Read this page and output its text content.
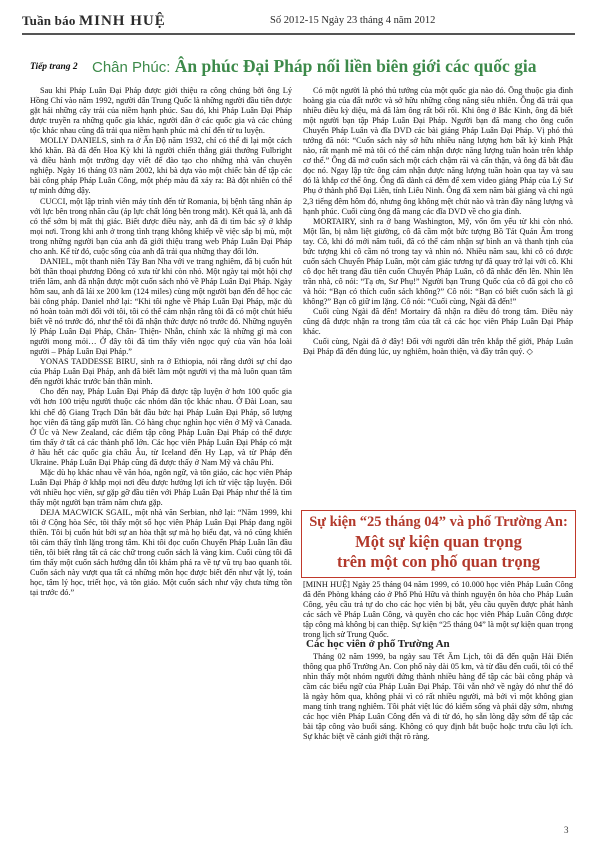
Tuần báo MINH HUỆ	Số 2012-15 Ngày 23 tháng 4 năm 2012
Tiếp trang 2 Chân Phúc: Ân phúc Đại Pháp nối liền biên giới các quốc gia

Sau khi Pháp Luân Đại Pháp được giới thiệu ra công chúng bởi ông Lý Hồng Chí vào năm 1992, người dân Trung Quốc là những người đầu tiên được gặt hái những cây trái của niềm hạnh phúc. Sau đó, khi Pháp Luân Đại Pháp được truyền ra những quốc gia khác, người dân ở các quốc gia và các chủng tộc khác nhau cũng đã trải qua niềm hạnh phúc mà chỉ đến từ tu luyện.

MOLLY DANIELS, sinh ra ở Ấn Độ năm 1932, chỉ có thể đi lại một cách khó khăn. Bà đã đến Hoa Kỳ khi là người chiến thắng giải thưởng Fulbright và điều hành một trường dạy viết để đào tạo cho những nhà văn chuyên nghiệp. Ngày 16 tháng 03 năm 2002, khi bà dựa vào một chiếc bàn để tập các bài công pháp Pháp Luân Công, một phép màu đã xảy ra: Bà đột nhiên có thể tự mình đứng dậy.

CUCCI, một lập trình viên máy tính đến từ Romania, bị bệnh tăng nhãn áp với lực bên trong nhãn cầu (áp lực chất lỏng bên trong mắt). Kết quả là, anh đã có thể sớm bị mất thị giác. Biết được điều này, anh đã đi tìm bác sỹ ở khắp mọi nơi. Trong khi anh ở trong tình trạng không khiếp về việc sắp bị mù, một trong những người bạn của anh đã giới thiệu trang web Pháp Luân Đại Pháp cho anh. Kể từ đó, cuộc sống của anh đã trải qua những thay đổi lớn.

DANIEL, một thanh niên Tây Ban Nha với ve trang nghiêm, đã bị cuốn hút bởi thần thoại phương Đông có xưa từ khi còn nhỏ. Một ngày tại một hội chợ triển lãm, anh đã nhận được một cuốn sách nhỏ về Pháp Luân Đại Pháp. Ngày hôm sau, anh đã lái xe 200 km (124 miles) cùng một người bạn đến để học các bài công pháp. Daniel nhớ lại: “Khi tôi nghe về Pháp Luân Đại Pháp, mặc dù nó hoàn toàn mới đối với tôi, tôi có thể cảm nhận rằng tôi đã có một chút hiểu biết về nó trước đó, như thể tôi đã nhận thức được nó trước đó. Những nguyên lý Pháp Luân Đại Pháp, Chân- Thiện- Nhẫn, chính xác là những gì mà con người mong mỏi… Ở đây tôi đã tìm thấy viên ngọc quý của văn hóa loài người – Pháp Luân Đại Pháp.”

YONAS TADDESSE BIRU, sinh ra ở Ethiopia, nói rằng dưới sự chỉ dạo của Pháp Luân Đại Pháp, anh đã biết làm một người vị tha mà luôn quan tâm đến người khác trước bản thân mình.

Cho đến nay, Pháp Luân Đại Pháp đã được tập luyện ở hơn 100 quốc gia với hơn 100 triệu người thuộc các nhóm dân tộc khác nhau. Ở Đài Loan, sau khi chế độ Giang Trạch Dân bắt đầu bức hại Pháp Luân Đại Pháp, số lượng học viên đã tăng gấp mười lần. Có hàng chục nghìn học viên ở Mỹ và Canada. Ở Úc và New Zealand, các điểm tập công Pháp Luân Đại Pháp có thể được tìm thấy ở tất cả các thành phố lớn. Các học viên Pháp Luân Đại Pháp có mặt ở hầu hết các quốc gia châu Âu, từ Iceland đến Hy Lạp, và từ Pháp đến Ukraine. Pháp Luân Đại Pháp cũng đã được thấy ở Nam Mỹ và châu Phi.

Mặc dù họ khác nhau về văn hóa, ngôn ngữ, và tôn giáo, các học viên Pháp Luân Đại Pháp ở khắp mọi nơi đều được hưởng lợi ích từ việc tập luyện. Đối với nhiều học viên, sự gặp gỡ đầu tiên với Pháp Luân Đại Pháp như thể là tìm thấy một người bạn trăm năm chưa gặp.

DEJA MACWICK SGAIL, một nhà văn Serbian, nhớ lại: “Năm 1999, khi tôi ở Cộng hòa Séc, tôi thấy một số học viên Pháp Luân Đại Pháp đang ngồi thiền. Tôi bị cuốn hút bởi sự an hòa thật sự mà họ biểu đạt, và nó cũng khiến tôi cảm thấy tĩnh lặng trong tâm. Khi tôi đọc cuốn Chuyển Pháp Luân lần đầu tiên, tôi biết rằng tất cả các chữ trong cuốn sách là vàng kim. Cuối cùng tôi đã tìm thấy một cuốn sách hướng dẫn tôi khám phá ra về tự vũ trụ bao quanh tôi. Cuốn sách này vượt qua tất cả những môn học được biết đến như vật lý, toán học, tâm lý học, triết học, và tôn giáo. Một cuốn sách như vậy chưa từng tồn tại trước đó.”

Có một người là phó thủ tướng của một quốc gia nào đó. Ông thuộc gia đình hoàng gia của đất nước và sở hữu những công năng siêu nhiên. Ông đã trải qua nhiều điều kỳ diệu, mà đã làm ông rất bối rối. Khi ông ở Bắc Kinh, ông đã biết một người bạn tập Pháp Luân Đại Pháp. Người bạn đã mang cho ông cuốn Chuyển Pháp Luân và đĩa DVD các bài giảng Pháp Luân Đại Pháp. Vị phó thủ tướng đã nói: “Cuốn sách này sở hữu nhiều năng lượng hơn bất kỳ kinh Phật nào, rất mạnh mẽ mà tôi có thể cảm nhận được năng lượng tuần hoàn trên khắp cơ thể.” Ông đã mở cuốn sách một cách chậm rãi và cẩn thận, và ông đã bắt đầu đọc nó. Ngay lập tức ông cảm nhận được năng lượng tuần hoàn qua tay và sau đó là khắp cơ thể ông. Ông đã dành cả đêm để xem video giảng Pháp của Lý Sư Phụ ở thành phố Đại Liên, tỉnh Liêu Ninh. Ông đã xem năm bài giảng và chỉ ngủ 2,3 tiếng đêm hôm đó, nhưng ông không mệt chút nào và tràn đầy năng lượng và hạnh phúc. Cuối cùng ông đã mang các đĩa DVD về cho gia đình.

MORTAIRY, sinh ra ở bang Washington, Mỹ, vốn ốm yếu từ khi còn nhỏ. Một lần, bị nằm liệt giường, cô đã cầm một bức tượng Bồ Tát Quán Âm trong tay. Cô, khi đó mới năm tuổi, đã có thể cảm nhận sự bình an và thanh tịnh của bức tượng khi cô cầm nó trong tay và nhìn nó. Nhiều năm sau, khi cô có được cuốn sách Chuyển Pháp Luân, một cảm giác tương tự đã quay trở lại với cô. Khi cô đọc hết trang đầu tiên cuốn Chuyển Pháp Luân, cô đã nhắc đến lên. Nhìn lên trần nhà, cô nói: “Tạ ơn, Sư Phụ!” Người bạn Trung Quốc của cô đã gọi cho cô và hỏi: “Bạn có thích cuốn sách không?” Cô nói: “Bạn có biết cuốn sách là gì không?” Bạn cô giữ im lặng. Cô nói: “Cuối cùng, Ngài đã đến!”

Cuối cùng Ngài đã đến! Mortairy đã nhận ra điều đó trong tâm. Điều này cũng đã được nhận ra trong tâm của tất cả các học viên Pháp Luân Đại Pháp khác.

Cuối cùng, Ngài đã ở đây! Đối với người dân trên khắp thế giới, Pháp Luân Đại Pháp đã đến đúng lúc, uy nghiêm, hoàn thiện, và đầy trân quý. ◇

Sự kiện “25 tháng 04” và phố Trường An:
Một sự kiện quan trọng
trên một con phố quan trọng

[MINH HUỆ] Ngày 25 tháng 04 năm 1999, có 10.000 học viên Pháp Luân Công đã đến Phòng kháng cáo ở Phố Phủ Hữu và thỉnh nguyện ôn hòa cho Pháp Luân Công, yêu cầu trả tự do cho các học viên bị bắt, yêu cầu quyền được phát hành các sách về Pháp Luân Công, và quyền cho các học viên Pháp Luân Công được tập công mà không bị can thiệp. Sự kiện “25 tháng 04” là một sự kiện quan trọng trong lịch sử Trung Quốc.

Các học viên ở phố Trường An

Tháng 02 năm 1999, ba ngày sau Tết Âm Lịch, tôi đã đến quận Hải Điến thông qua phố Trường An. Con phố này dài 05 km, và từ đầu đến cuối, tôi có thể nhìn thấy một nhóm người đứng thành nhiều hàng để tập các bài công pháp và cầm các biểu ngữ của Pháp Luân Đại Pháp. Tôi vẫn nhớ về ngày đó như thể đó là ngày hôm qua, không phải vì có rất nhiều người, mà bởi vì một không gian mang tính trang nghiêm. Tôi phát việt lúc đó kiểm sống và phải dậy sớm, nhưng các học viên Pháp Luân Công đến và đi từ đó, họ sẵn lòng dậy sớm để tập các bài tập công vào buổi sáng. Không có quy định bắt buộc hoặc trưu cầu lợi ích. Sự khác biệt về cảnh giới thật rõ ràng.

3
